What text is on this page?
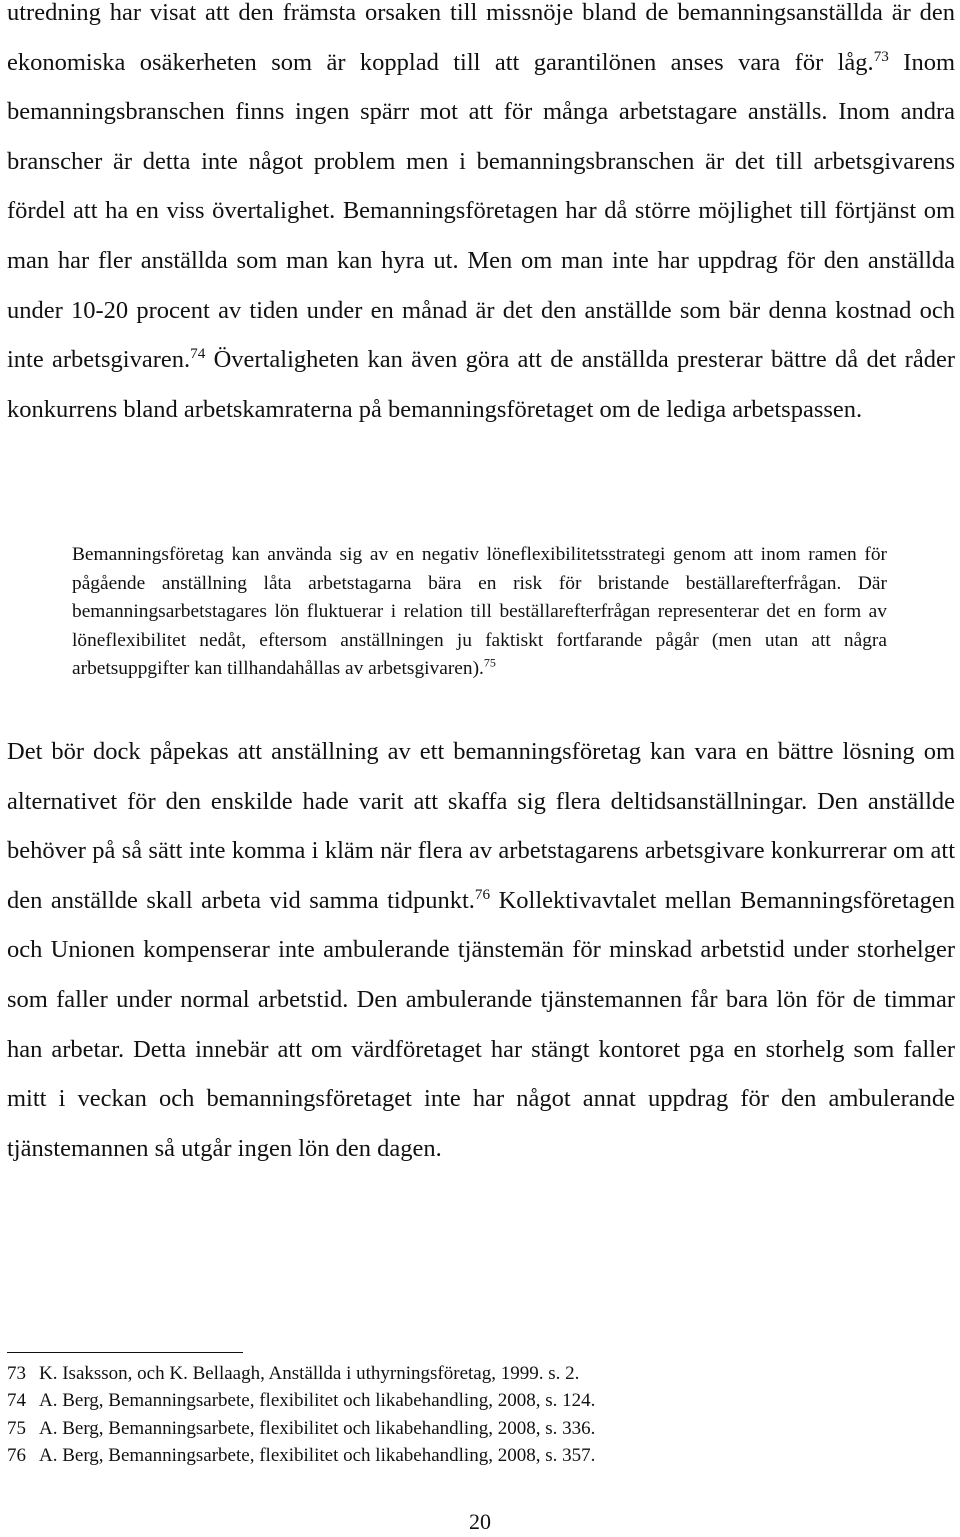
utredning har visat att den främsta orsaken till missnöje bland de bemanningsanställda är den ekonomiska osäkerheten som är kopplad till att garantilönen anses vara för låg.$^{73}$ Inom bemanningsbranschen finns ingen spärr mot att för många arbetstagare anställs. Inom andra branscher är detta inte något problem men i bemanningsbranschen är det till arbetsgivarens fördel att ha en viss övertalighet. Bemanningsföretagen har då större möjlighet till förtjänst om man har fler anställda som man kan hyra ut. Men om man inte har uppdrag för den anställda under 10-20 procent av tiden under en månad är det den anställde som bär denna kostnad och inte arbetsgivaren.$^{74}$ Övertaligheten kan även göra att de anställda presterar bättre då det råder konkurrens bland arbetskamraterna på bemanningsföretaget om de lediga arbetspassen.

Bemanningsföretag kan använda sig av en negativ löneflexibilitetsstrategi genom att inom ramen för pågående anställning låta arbetstagarna bära en risk för bristande beställarefterfrågan. Där bemanningsarbetstagares lön fluktuerar i relation till beställarefterfrågan representerar det en form av löneflexibilitet nedåt, eftersom anställningen ju faktiskt fortfarande pågår (men utan att några arbetsuppgifter kan tillhandahållas av arbetsgivaren).$^{75}$

Det bör dock påpekas att anställning av ett bemanningsföretag kan vara en bättre lösning om alternativet för den enskilde hade varit att skaffa sig flera deltidsanställningar. Den anställde behöver på så sätt inte komma i kläm när flera av arbetstagarens arbetsgivare konkurrerar om att den anställde skall arbeta vid samma tidpunkt.$^{76}$ Kollektivavtalet mellan Bemanningsföretagen och Unionen kompenserar inte ambulerande tjänstemän för minskad arbetstid under storhelger som faller under normal arbetstid. Den ambulerande tjänstemannen får bara lön för de timmar han arbetar. Detta innebär att om värdföretaget har stängt kontoret pga en storhelg som faller mitt i veckan och bemanningsföretaget inte har något annat uppdrag för den ambulerande tjänstemannen så utgår ingen lön den dagen.

73 K. Isaksson, och K. Bellaagh, Anställda i uthyrningsföretag, 1999. s. 2.
74 A. Berg, Bemanningsarbete, flexibilitet och likabehandling, 2008, s. 124.
75 A. Berg, Bemanningsarbete, flexibilitet och likabehandling, 2008, s. 336.
76 A. Berg, Bemanningsarbete, flexibilitet och likabehandling, 2008, s. 357.
20
